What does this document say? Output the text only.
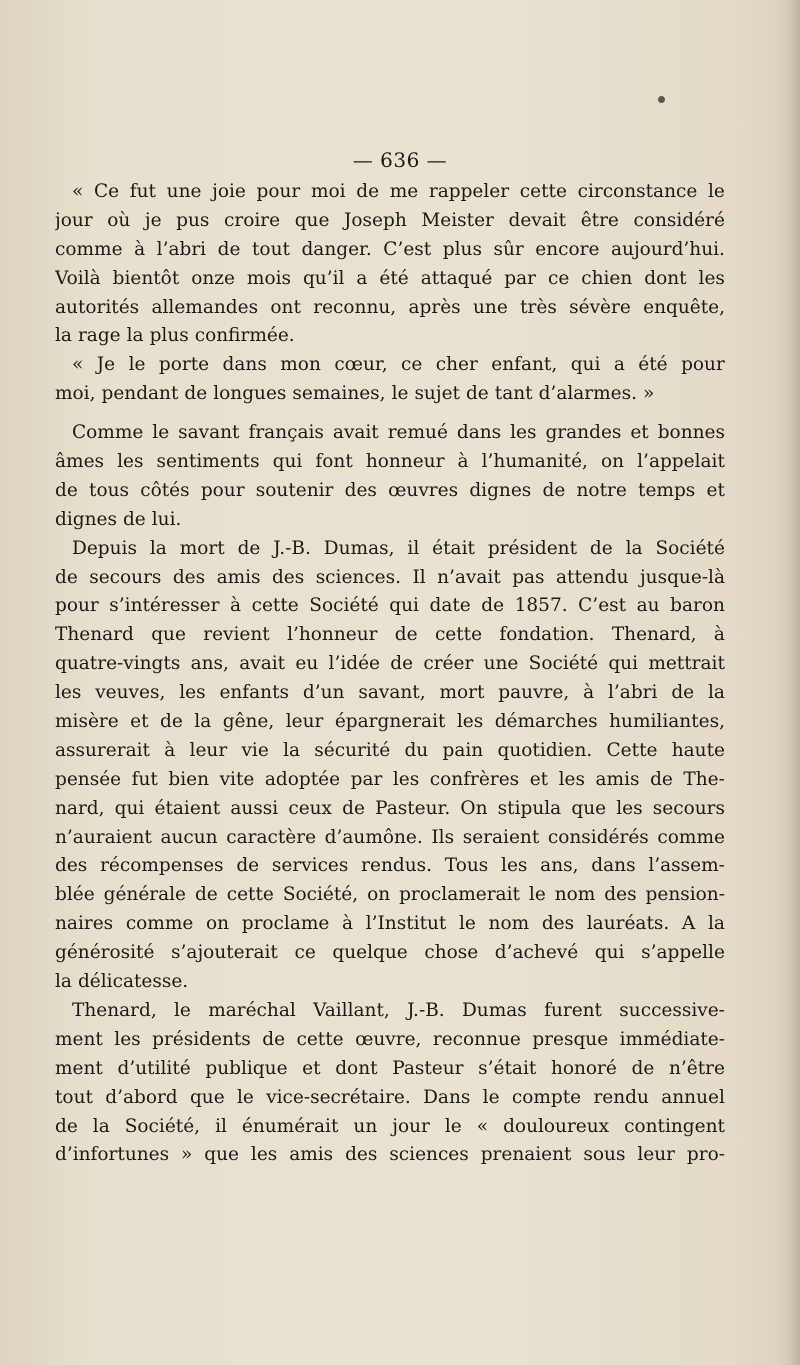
— 636 —
« Ce fut une joie pour moi de me rappeler cette circonstance le
jour où je pus croire que Joseph Meister devait être considéré
comme à l’abri de tout danger. C’est plus sûr encore aujourd’hui.
Voilà bientôt onze mois qu’il a été attaqué par ce chien dont les
autorités allemandes ont reconnu, après une très sévère enquête,
la rage la plus confirmée.
« Je le porte dans mon cœur, ce cher enfant, qui a été pour
moi, pendant de longues semaines, le sujet de tant d’alarmes. »
Comme le savant français avait remué dans les grandes et bonnes
âmes les sentiments qui font honneur à l’humanité, on l’appelait
de tous côtés pour soutenir des œuvres dignes de notre temps et
dignes de lui.
Depuis la mort de J.-B. Dumas, il était président de la Société
de secours des amis des sciences. Il n’avait pas attendu jusque-là
pour s’intéresser à cette Société qui date de 1857. C’est au baron
Thenard que revient l’honneur de cette fondation. Thenard, à
quatre-vingts ans, avait eu l’idée de créer une Société qui mettrait
les veuves, les enfants d’un savant, mort pauvre, à l’abri de la
misère et de la gêne, leur épargnerait les démarches humiliantes,
assurerait à leur vie la sécurité du pain quotidien. Cette haute
pensée fut bien vite adoptée par les confrères et les amis de The-
nard, qui étaient aussi ceux de Pasteur. On stipula que les secours
n’auraient aucun caractère d’aumône. Ils seraient considérés comme
des récompenses de services rendus. Tous les ans, dans l’assem-
blée générale de cette Société, on proclamerait le nom des pension-
naires comme on proclame à l’Institut le nom des lauréats. A la
générosité s’ajouterait ce quelque chose d’achevé qui s’appelle
la délicatesse.
Thenard, le maréchal Vaillant, J.-B. Dumas furent successive-
ment les présidents de cette œuvre, reconnue presque immédiate-
ment d’utilité publique et dont Pasteur s’était honoré de n’être
tout d’abord que le vice-secrétaire. Dans le compte rendu annuel
de la Société, il énumérait un jour le « douloureux contingent
d’infortunes » que les amis des sciences prenaient sous leur pro-
